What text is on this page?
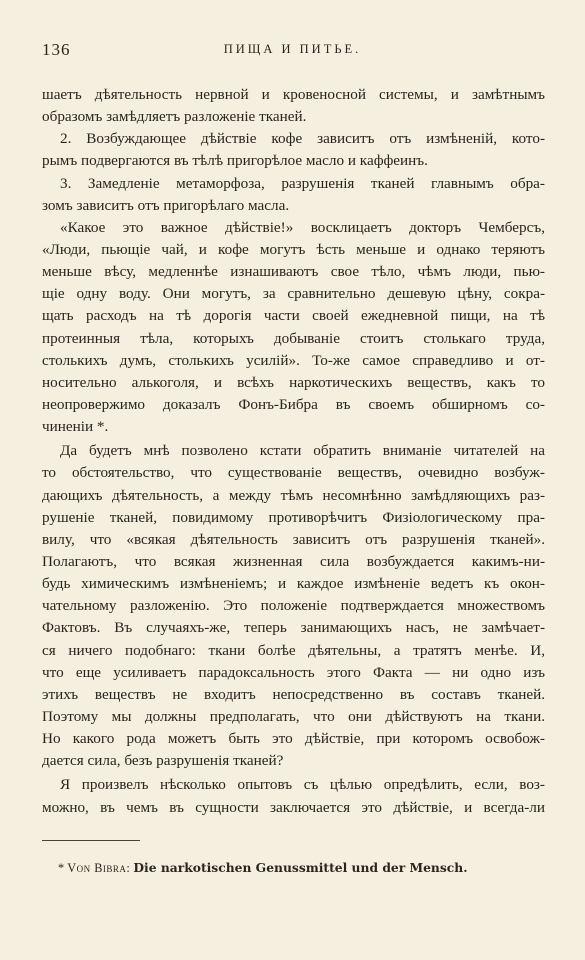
136	ПИЩА И ПИТЬЕ.
шаетъ дѣятельность нервной и кровеносной системы, и замѣтнымъ
образомъ замѣдляетъ разложеніе тканей.
2. Возбуждающее дѣйствіе кофе зависитъ отъ измѣненій, кото-
рымъ подвергаются въ тѣлѣ пригорѣлое масло и каффеинъ.
3. Замедленіе метаморфоза, разрушенія тканей главнымъ обра-
зомъ зависитъ отъ пригорѣлаго масла.
«Какое это важное дѣйствіе!» восклицаетъ докторъ Чемберсъ,
«Люди, пьющіе чай, и кофе могутъ ѣсть меньше и однако теряютъ
меньше вѣсу, медленнѣе изнашиваютъ свое тѣло, чѣмъ люди, пью-
щіе одну воду. Они могутъ, за сравнительно дешевую цѣну, сокра-
щать расходъ на тѣ дорогія части своей ежедневной пищи, на тѣ
протеинныя тѣла, которыхъ добываніе стоитъ столькаго труда,
столькихъ думъ, столькихъ усилій». То-же самое справедливо и от-
носительно алькоголя, и всѣхъ наркотическихъ веществъ, какъ то
неопровержимо доказалъ Фонъ-Бибра въ своемъ обширномъ со-
чиненіи *.
Да будетъ мнѣ позволено кстати обратить вниманіе читателей на
то обстоятельство, что существованіе веществъ, очевидно возбуж-
дающихъ дѣятельность, а между тѣмъ несомнѣнно замѣдляющихъ раз-
рушеніе тканей, повидимому противорѣчитъ Физіологическому пра-
вилу, что «всякая дѣятельность зависитъ отъ разрушенія тканей».
Полагаютъ, что всякая жизненная сила возбуждается какимъ-ни-
будь химическимъ измѣненіемъ; и каждое измѣненіе ведетъ къ окон-
чательному разложенію. Это положеніе подтверждается множествомъ
Фактовъ. Въ случаяхъ-же, теперь занимающихъ насъ, не замѣчает-
ся ничего подобнаго: ткани болѣе дѣятельны, а тратятъ менѣе. И,
что еще усиливаетъ парадоксальность этого Факта — ни одно изъ
этихъ веществъ не входитъ непосредственно въ составъ тканей.
Поэтому мы должны предполагать, что они дѣйствуютъ на ткани.
Но какого рода можетъ быть это дѣйствіе, при которомъ освобож-
дается сила, безъ разрушенія тканей?
Я произвелъ нѣсколько опытовъ съ цѣлью опредѣлить, если, воз-
можно, въ чемъ въ сущности заключается это дѣйствіе, и всегда-ли
* Von Bibra: Die narkotischen Genussmittel und der Mensch.
